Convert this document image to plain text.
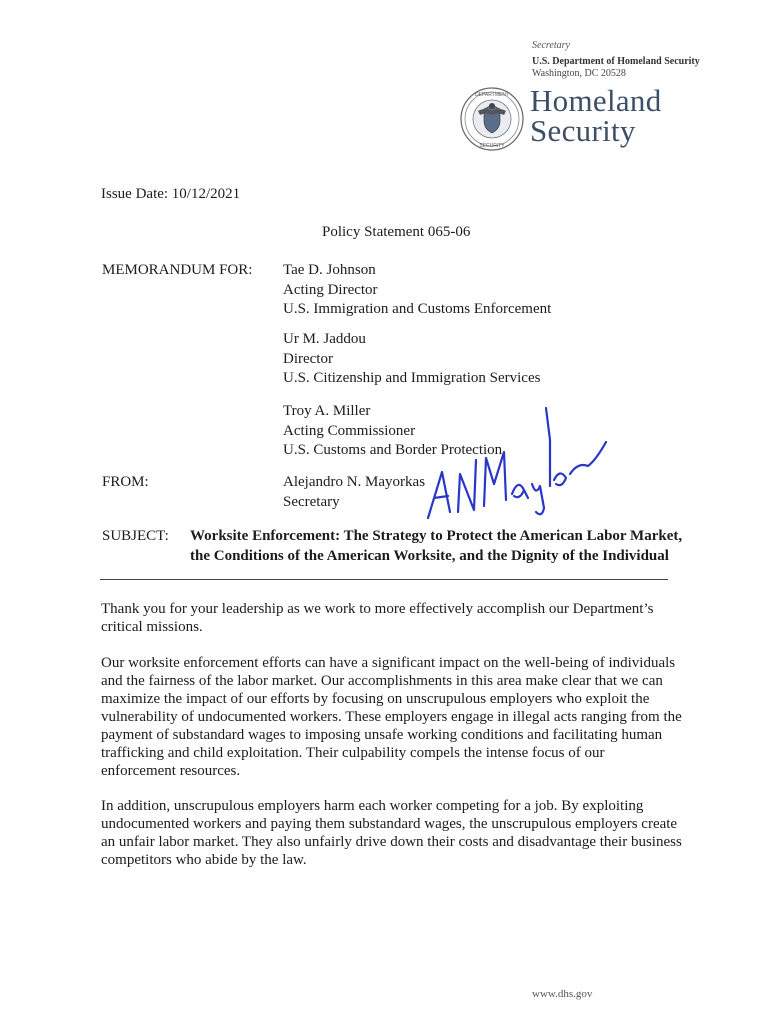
Secretary
U.S. Department of Homeland Security
Washington, DC 20528
DEPARTMENT
SECURITY
Homeland
Security
Issue Date: 10/12/2021
Policy Statement 065-06
MEMORANDUM FOR: Tae D. Johnson
Acting Director
U.S. Immigration and Customs Enforcement
Ur M. Jaddou
Director
U.S. Citizenship and Immigration Services
Troy A. Miller
Acting Commissioner
U.S. Customs and Border Protection
FROM:	Alejandro N. Mayorkas
Secretary
SUBJECT: Worksite Enforcement: The Strategy to Protect the American Labor Market,
the Conditions of the American Worksite, and the Dignity of the Individual
Thank you for your leadership as we work to more effectively accomplish our Department’s
critical missions.
Our worksite enforcement efforts can have a significant impact on the well-being of individuals
and the fairness of the labor market. Our accomplishments in this area make clear that we can
maximize the impact of our efforts by focusing on unscrupulous employers who exploit the
vulnerability of undocumented workers. These employers engage in illegal acts ranging from the
payment of substandard wages to imposing unsafe working conditions and facilitating human
trafficking and child exploitation. Their culpability compels the intense focus of our
enforcement resources.
In addition, unscrupulous employers harm each worker competing for a job. By exploiting
undocumented workers and paying them substandard wages, the unscrupulous employers create
an unfair labor market. They also unfairly drive down their costs and disadvantage their business
competitors who abide by the law.
www.dhs.gov
